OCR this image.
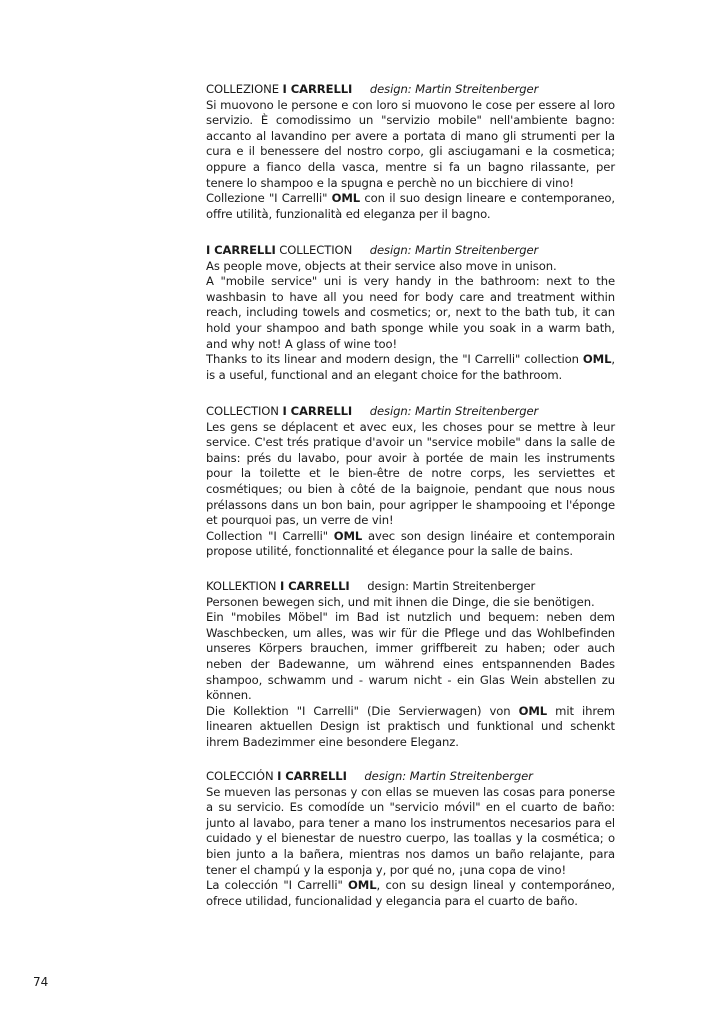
COLLEZIONE I CARRELLI design: Martin Streitenberger

Si muovono le persone e con loro si muovono le cose per essere al loro servizio. È comodissimo un "servizio mobile" nell'ambiente bagno: accanto al lavandino per avere a portata di mano gli strumenti per la cura e il benessere del nostro corpo, gli asciugamani e la cosmetica; oppure a fianco della vasca, mentre si fa un bagno rilassante, per tenere lo shampoo e la spugna e perchè no un bicchiere di vino!

Collezione "I Carrelli" OML con il suo design lineare e contemporaneo, offre utilità, funzionalità ed eleganza per il bagno.

I CARRELLI COLLECTION design: Martin Streitenberger

As people move, objects at their service also move in unison.

A "mobile service" uni is very handy in the bathroom: next to the washbasin to have all you need for body care and treatment within reach, including towels and cosmetics; or, next to the bath tub, it can hold your shampoo and bath sponge while you soak in a warm bath, and why not! A glass of wine too!

Thanks to its linear and modern design, the "I Carrelli" collection OML, is a useful, functional and an elegant choice for the bathroom.

COLLECTION I CARRELLI design: Martin Streitenberger

Les gens se déplacent et avec eux, les choses pour se mettre à leur service. C'est trés pratique d'avoir un "service mobile" dans la salle de bains: prés du lavabo, pour avoir à portée de main les instruments pour la toilette et le bien-être de notre corps, les serviettes et cosmétiques; ou bien à côté de la baignoie, pendant que nous nous prélassons dans un bon bain, pour agripper le shampooing et l'éponge et pourquoi pas, un verre de vin!

Collection "I Carrelli" OML avec son design linéaire et contemporain propose utilité, fonctionnalité et élegance pour la salle de bains.

KOLLEKTION I CARRELLI design: Martin Streitenberger

Personen bewegen sich, und mit ihnen die Dinge, die sie benötigen.

Ein "mobiles Möbel" im Bad ist nutzlich und bequem: neben dem Waschbecken, um alles, was wir für die Pflege und das Wohlbefinden unseres Körpers brauchen, immer griffbereit zu haben; oder auch neben der Badewanne, um während eines entspannenden Bades shampoo, schwamm und - warum nicht - ein Glas Wein abstellen zu können.

Die Kollektion "I Carrelli" (Die Servierwagen) von OML mit ihrem linearen aktuellen Design ist praktisch und funktional und schenkt ihrem Badezimmer eine besondere Eleganz.

COLECCIÓN I CARRELLI design: Martin Streitenberger

Se mueven las personas y con ellas se mueven las cosas para ponerse a su servicio. Es comodíde un "servicio móvil" en el cuarto de baño: junto al lavabo, para tener a mano los instrumentos necesarios para el cuidado y el bienestar de nuestro cuerpo, las toallas y la cosmética; o bien junto a la bañera, mientras nos damos un baño relajante, para tener el champú y la esponja y, por qué no, ¡una copa de vino!

La colección "I Carrelli" OML, con su design lineal y contemporáneo, ofrece utilidad, funcionalidad y elegancia para el cuarto de baño.

74
